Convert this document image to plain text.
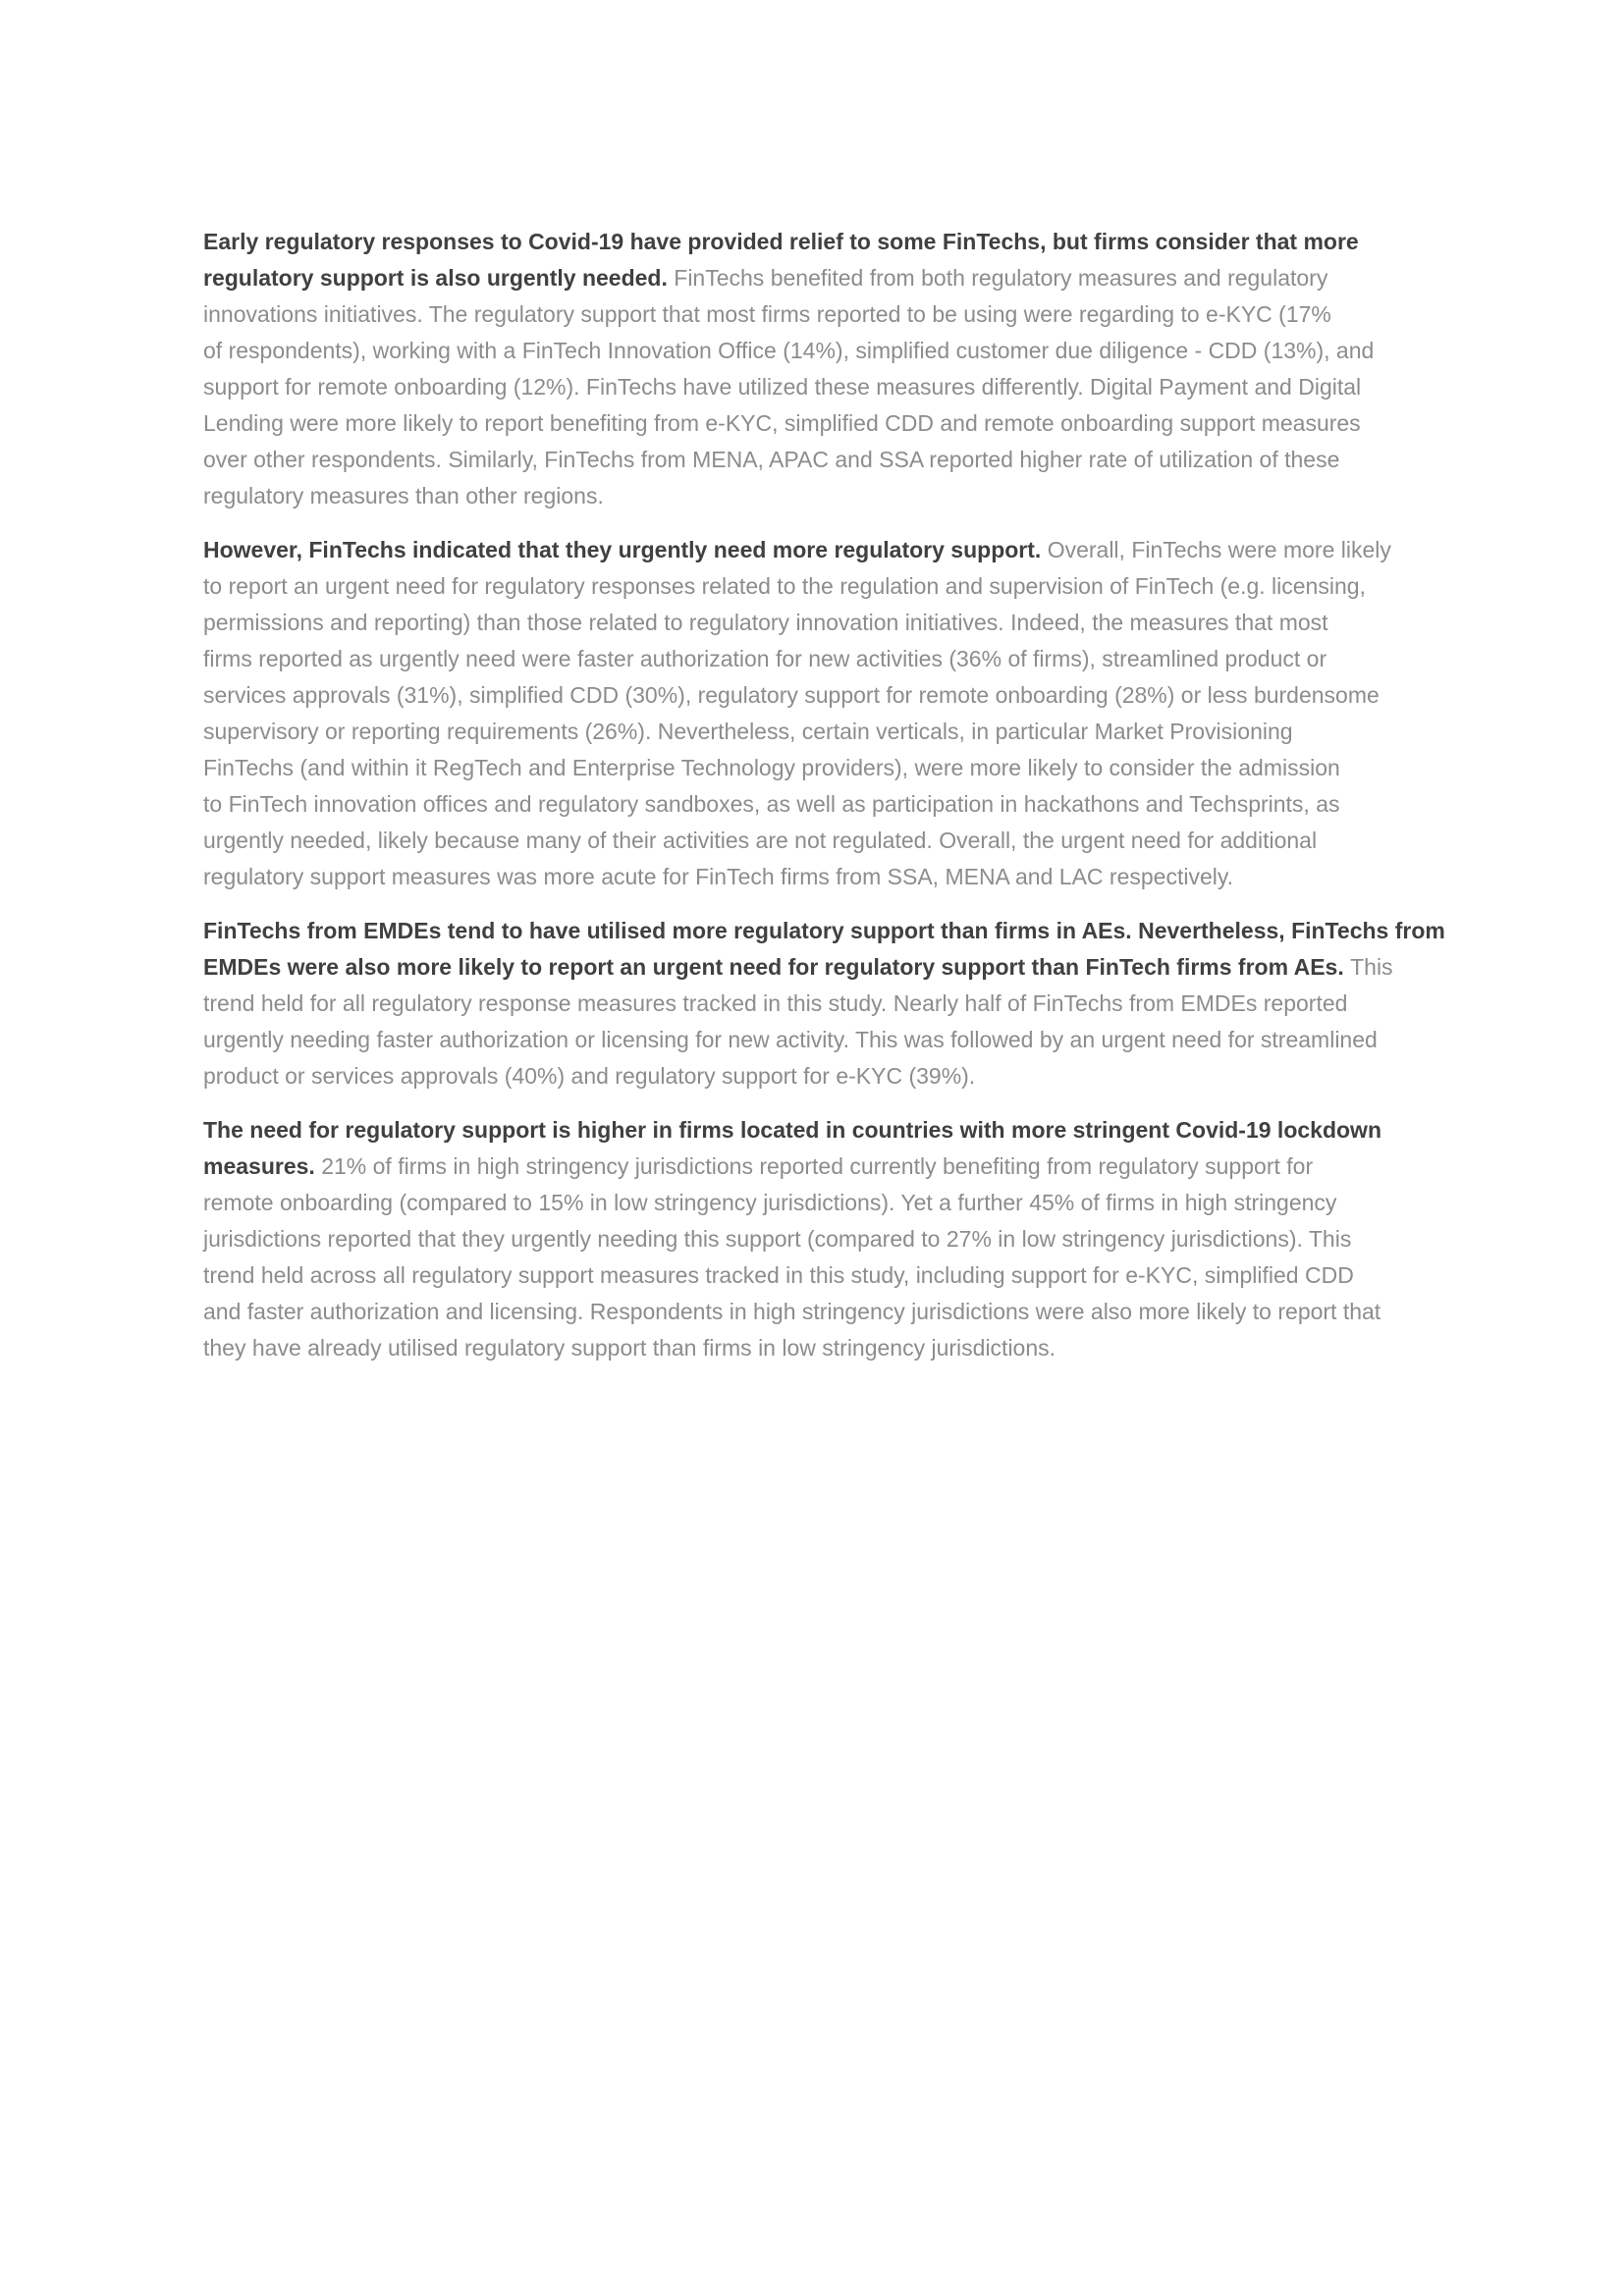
Early regulatory responses to Covid-19 have provided relief to some FinTechs, but firms consider that more
regulatory support is also urgently needed. FinTechs benefited from both regulatory measures and regulatory
innovations initiatives. The regulatory support that most firms reported to be using were regarding to e-KYC (17%
of respondents), working with a FinTech Innovation Office (14%), simplified customer due diligence - CDD (13%), and
support for remote onboarding (12%). FinTechs have utilized these measures differently. Digital Payment and Digital
Lending were more likely to report benefiting from e-KYC, simplified CDD and remote onboarding support measures
over other respondents. Similarly, FinTechs from MENA, APAC and SSA reported higher rate of utilization of these
regulatory measures than other regions.
However, FinTechs indicated that they urgently need more regulatory support. Overall, FinTechs were more likely
to report an urgent need for regulatory responses related to the regulation and supervision of FinTech (e.g. licensing,
permissions and reporting) than those related to regulatory innovation initiatives. Indeed, the measures that most
firms reported as urgently need were faster authorization for new activities (36% of firms), streamlined product or
services approvals (31%), simplified CDD (30%), regulatory support for remote onboarding (28%) or less burdensome
supervisory or reporting requirements (26%). Nevertheless, certain verticals, in particular Market Provisioning
FinTechs (and within it RegTech and Enterprise Technology providers), were more likely to consider the admission
to FinTech innovation offices and regulatory sandboxes, as well as participation in hackathons and Techsprints, as
urgently needed, likely because many of their activities are not regulated. Overall, the urgent need for additional
regulatory support measures was more acute for FinTech firms from SSA, MENA and LAC respectively.
FinTechs from EMDEs tend to have utilised more regulatory support than firms in AEs. Nevertheless, FinTechs from
EMDEs were also more likely to report an urgent need for regulatory support than FinTech firms from AEs. This
trend held for all regulatory response measures tracked in this study. Nearly half of FinTechs from EMDEs reported
urgently needing faster authorization or licensing for new activity. This was followed by an urgent need for streamlined
product or services approvals (40%) and regulatory support for e-KYC (39%).
The need for regulatory support is higher in firms located in countries with more stringent Covid-19 lockdown
measures. 21% of firms in high stringency jurisdictions reported currently benefiting from regulatory support for
remote onboarding (compared to 15% in low stringency jurisdictions). Yet a further 45% of firms in high stringency
jurisdictions reported that they urgently needing this support (compared to 27% in low stringency jurisdictions). This
trend held across all regulatory support measures tracked in this study, including support for e-KYC, simplified CDD
and faster authorization and licensing. Respondents in high stringency jurisdictions were also more likely to report that
they have already utilised regulatory support than firms in low stringency jurisdictions.
